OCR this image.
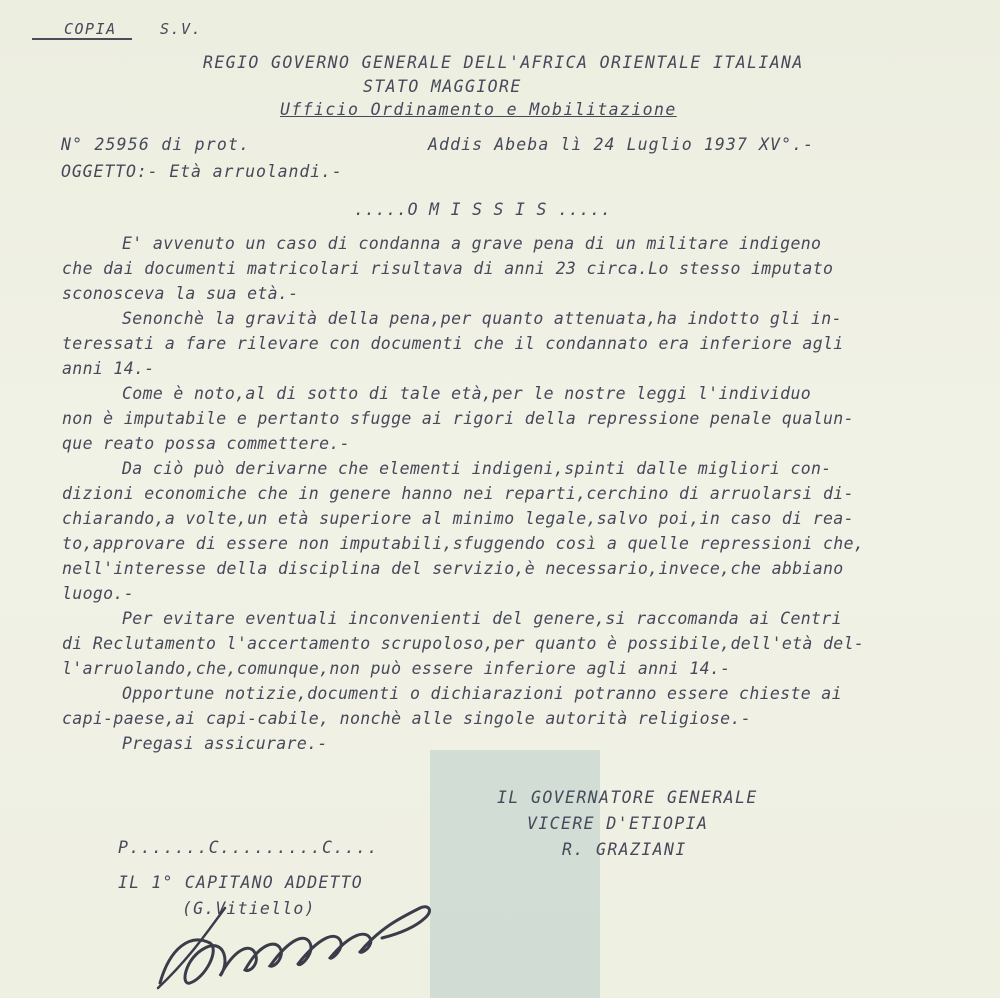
COPIA	S.V.
REGIO GOVERNO GENERALE DELL'AFRICA ORIENTALE ITALIANA
STATO MAGGIORE
Ufficio Ordinamento e Mobilitazione
N° 25956 di prot.	Addis Abeba lì 24 Luglio 1937 XV°.-
OGGETTO:- Età arruolandi.-
.....O M I S S I S .....
E' avvenuto un caso di condanna a grave pena di un militare indigeno
che dai documenti matricolari risultava di anni 23 circa.Lo stesso imputato
sconosceva la sua età.-
Senonchè la gravità della pena,per quanto attenuata,ha indotto gli in-
teressati a fare rilevare con documenti che il condannato era inferiore agli
anni 14.-
Come è noto,al di sotto di tale età,per le nostre leggi l'individuo
non è imputabile e pertanto sfugge ai rigori della repressione penale qualun-
que reato possa commettere.-
Da ciò può derivarne che elementi indigeni,spinti dalle migliori con-
dizioni economiche che in genere hanno nei reparti,cerchino di arruolarsi di-
chiarando,a volte,un età superiore al minimo legale,salvo poi,in caso di rea-
to,approvare di essere non imputabili,sfuggendo così a quelle repressioni che,
nell'interesse della disciplina del servizio,è necessario,invece,che abbiano
luogo.-
Per evitare eventuali inconvenienti del genere,si raccomanda ai Centri
di Reclutamento l'accertamento scrupoloso,per quanto è possibile,dell'età del-
l'arruolando,che,comunque,non può essere inferiore agli anni 14.-
Opportune notizie,documenti o dichiarazioni potranno essere chieste ai
capi-paese,ai capi-cabile, nonchè alle singole autorità religiose.-
Pregasi assicurare.-
IL GOVERNATORE GENERALE
VICERE D'ETIOPIA
R. GRAZIANI
P.......C.........C....
IL 1° CAPITANO ADDETTO
(G.Vitiello)
